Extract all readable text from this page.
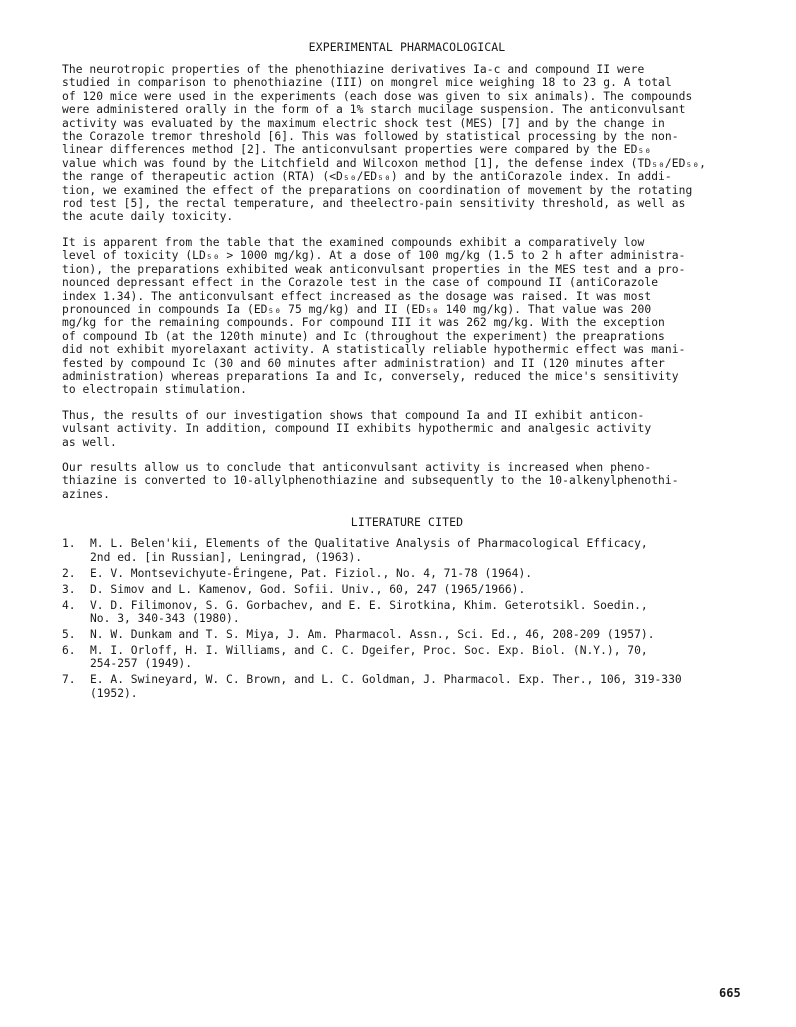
EXPERIMENTAL PHARMACOLOGICAL
The neurotropic properties of the phenothiazine derivatives Ia-c and compound II were
studied in comparison to phenothiazine (III) on mongrel mice weighing 18 to 23 g. A total
of 120 mice were used in the experiments (each dose was given to six animals). The compounds
were administered orally in the form of a 1% starch mucilage suspension. The anticonvulsant
activity was evaluated by the maximum electric shock test (MES) [7] and by the change in
the Corazole tremor threshold [6]. This was followed by statistical processing by the non-
linear differences method [2]. The anticonvulsant properties were compared by the ED₅₀
value which was found by the Litchfield and Wilcoxon method [1], the defense index (TD₅₀/ED₅₀,
the range of therapeutic action (RTA) (<D₅₀/ED₅₀) and by the antiCorazole index. In addi-
tion, we examined the effect of the preparations on coordination of movement by the rotating
rod test [5], the rectal temperature, and theelectro-pain sensitivity threshold, as well as
the acute daily toxicity.
It is apparent from the table that the examined compounds exhibit a comparatively low
level of toxicity (LD₅₀ > 1000 mg/kg). At a dose of 100 mg/kg (1.5 to 2 h after administra-
tion), the preparations exhibited weak anticonvulsant properties in the MES test and a pro-
nounced depressant effect in the Corazole test in the case of compound II (antiCorazole
index 1.34). The anticonvulsant effect increased as the dosage was raised. It was most
pronounced in compounds Ia (ED₅₀ 75 mg/kg) and II (ED₅₀ 140 mg/kg). That value was 200
mg/kg for the remaining compounds. For compound III it was 262 mg/kg. With the exception
of compound Ib (at the 120th minute) and Ic (throughout the experiment) the preaprations
did not exhibit myorelaxant activity. A statistically reliable hypothermic effect was mani-
fested by compound Ic (30 and 60 minutes after administration) and II (120 minutes after
administration) whereas preparations Ia and Ic, conversely, reduced the mice's sensitivity
to electropain stimulation.
Thus, the results of our investigation shows that compound Ia and II exhibit anticon-
vulsant activity. In addition, compound II exhibits hypothermic and analgesic activity
as well.
Our results allow us to conclude that anticonvulsant activity is increased when pheno-
thiazine is converted to 10-allylphenothiazine and subsequently to the 10-alkenylphenothi-
azines.
LITERATURE CITED
1.	M. L. Belen'kii, Elements of the Qualitative Analysis of Pharmacological Efficacy,
2nd ed. [in Russian], Leningrad, (1963).
2.	E. V. Montsevichyute-Éringene, Pat. Fiziol., No. 4, 71-78 (1964).
3.	D. Simov and L. Kamenov, God. Sofii. Univ., 60, 247 (1965/1966).
4.	V. D. Filimonov, S. G. Gorbachev, and E. E. Sirotkina, Khim. Geterotsikl. Soedin.,
No. 3, 340-343 (1980).
5.	N. W. Dunkam and T. S. Miya, J. Am. Pharmacol. Assn., Sci. Ed., 46, 208-209 (1957).
6.	M. I. Orloff, H. I. Williams, and C. C. Dgeifer, Proc. Soc. Exp. Biol. (N.Y.), 70,
254-257 (1949).
7.	E. A. Swineyard, W. C. Brown, and L. C. Goldman, J. Pharmacol. Exp. Ther., 106, 319-330
(1952).
665
